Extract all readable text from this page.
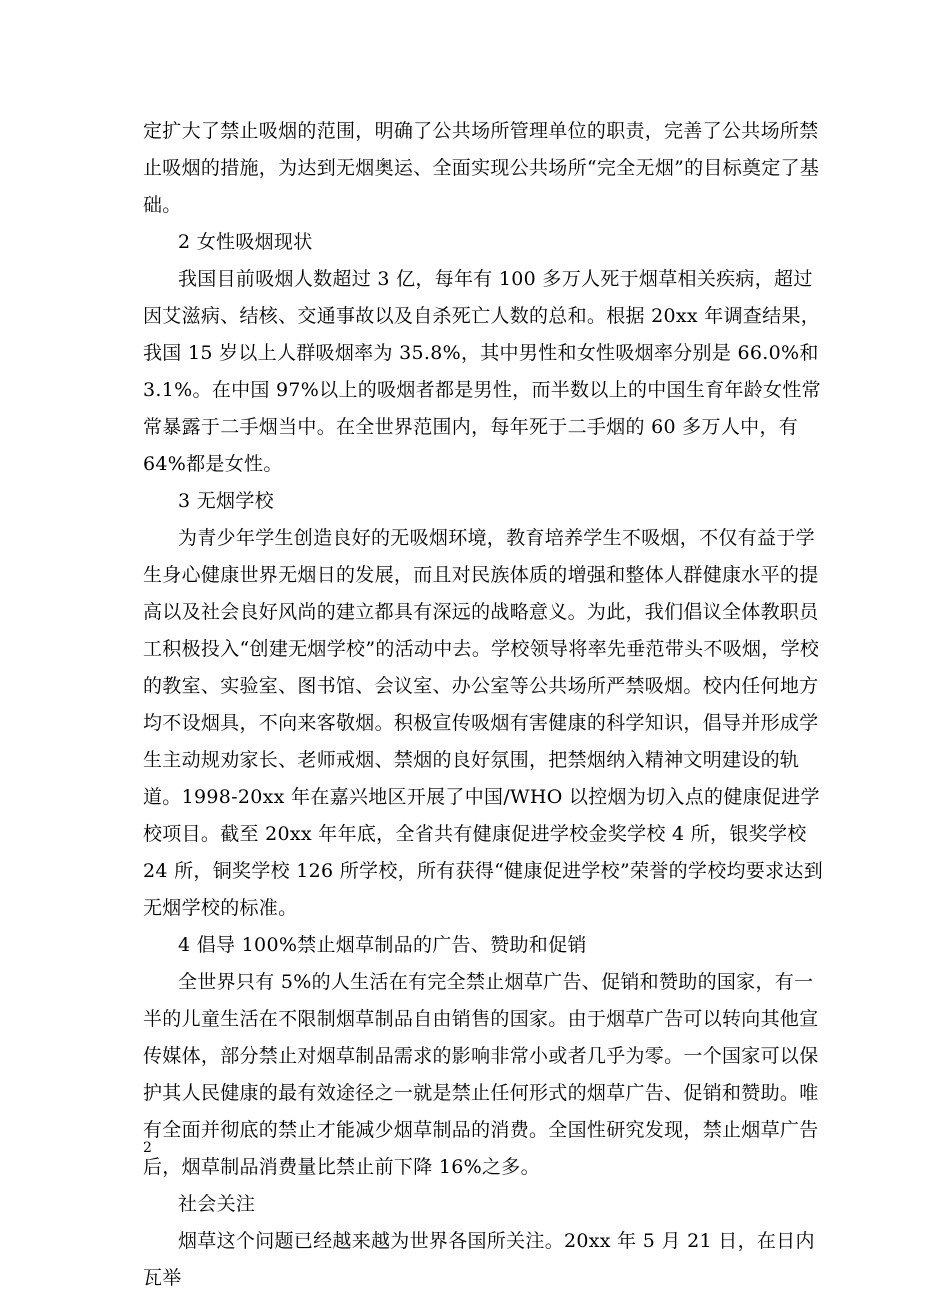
定扩大了禁止吸烟的范围，明确了公共场所管理单位的职责，完善了公共场所禁止吸烟的措施，为达到无烟奥运、全面实现公共场所“完全无烟”的目标奠定了基础。

2 女性吸烟现状

我国目前吸烟人数超过 3 亿，每年有 100 多万人死于烟草相关疾病，超过因艾滋病、结核、交通事故以及自杀死亡人数的总和。根据 20xx 年调查结果，我国 15 岁以上人群吸烟率为 35.8%，其中男性和女性吸烟率分别是 66.0%和 3.1%。在中国 97%以上的吸烟者都是男性，而半数以上的中国生育年龄女性常常暴露于二手烟当中。在全世界范围内，每年死于二手烟的 60 多万人中，有 64%都是女性。

3 无烟学校

为青少年学生创造良好的无吸烟环境，教育培养学生不吸烟，不仅有益于学生身心健康世界无烟日的发展，而且对民族体质的增强和整体人群健康水平的提高以及社会良好风尚的建立都具有深远的战略意义。为此，我们倡议全体教职员工积极投入“创建无烟学校”的活动中去。学校领导将率先垂范带头不吸烟，学校的教室、实验室、图书馆、会议室、办公室等公共场所严禁吸烟。校内任何地方均不设烟具，不向来客敬烟。积极宣传吸烟有害健康的科学知识，倡导并形成学生主动规劝家长、老师戒烟、禁烟的良好氛围，把禁烟纳入精神文明建设的轨道。1998-20xx 年在嘉兴地区开展了中国/WHO 以控烟为切入点的健康促进学校项目。截至 20xx 年年底，全省共有健康促进学校金奖学校 4 所，银奖学校 24 所，铜奖学校 126 所学校，所有获得“健康促进学校”荣誉的学校均要求达到无烟学校的标准。

4 倡导 100%禁止烟草制品的广告、赞助和促销

全世界只有 5%的人生活在有完全禁止烟草广告、促销和赞助的国家，有一半的儿童生活在不限制烟草制品自由销售的国家。由于烟草广告可以转向其他宣传媒体，部分禁止对烟草制品需求的影响非常小或者几乎为零。一个国家可以保护其人民健康的最有效途径之一就是禁止任何形式的烟草广告、促销和赞助。唯有全面并彻底的禁止才能减少烟草制品的消费。全国性研究发现，禁止烟草广告后，烟草制品消费量比禁止前下降 16%之多。

社会关注

烟草这个问题已经越来越为世界各国所关注。20xx 年 5 月 21 日，在日内瓦举

2
